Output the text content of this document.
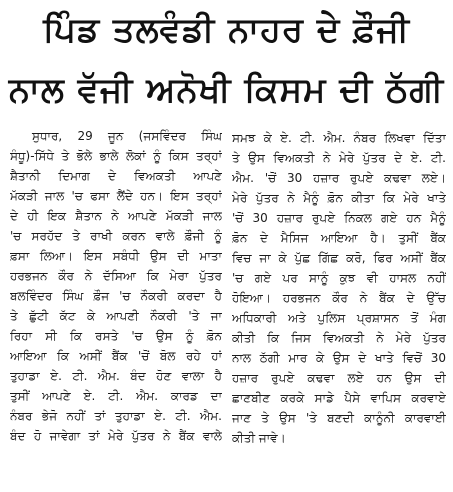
ਪਿੰਡ ਤਲਵੰਡੀ ਨਾਹਰ ਦੇ ਫ਼ੌਜੀ
ਨਾਲ ਵੱਜੀ ਅਨੋਖੀ ਕਿਸਮ ਦੀ ਠੱਗੀ
ਸੁਧਾਰ, 29 ਜੂਨ (ਜਸਵਿੰਦਰ ਸਿੰਘ
ਸੰਧੂ)-ਸਿੱਧੇ ਤੇ ਭੋਲੇ ਭਾਲੇ ਲੋਕਾਂ ਨੂੰ ਕਿਸ ਤਰ੍ਹਾਂ
ਸ਼ੈਤਾਨੀ ਦਿਮਾਗ ਦੇ ਵਿਅਕਤੀ ਆਪਣੇ
ਮੱਕੜੀ ਜਾਲ 'ਚ ਫਸਾ ਲੈਂਦੇ ਹਨ। ਇਸ ਤਰ੍ਹਾਂ
ਦੇ ਹੀ ਇਕ ਸ਼ੈਤਾਨ ਨੇ ਆਪਣੇ ਮੱਕੜੀ ਜਾਲ
'ਚ ਸਰਹੱਦ ਤੇ ਰਾਖੀ ਕਰਨ ਵਾਲੇ ਫ਼ੌਜੀ ਨੂੰ
ਫ਼ਸਾ ਲਿਆ। ਇਸ ਸਬੰਧੀ ਉਸ ਦੀ ਮਾਤਾ
ਹਰਭਜਨ ਕੌਰ ਨੇ ਦੱਸਿਆ ਕਿ ਮੇਰਾ ਪੁੱਤਰ
ਬਲਵਿੰਦਰ ਸਿੰਘ ਫ਼ੌਜ 'ਚ ਨੌਕਰੀ ਕਰਦਾ ਹੈ
ਤੇ ਛੁੱਟੀ ਕੱਟ ਕੇ ਆਪਣੀ ਨੌਕਰੀ 'ਤੇ ਜਾ
ਰਿਹਾ ਸੀ ਕਿ ਰਸਤੇ 'ਚ ਉਸ ਨੂੰ ਫ਼ੋਨ
ਆਇਆ ਕਿ ਅਸੀਂ ਬੈਂਕ 'ਚੋਂ ਬੋਲ ਰਹੇ ਹਾਂ
ਤੁਹਾਡਾ ਏ. ਟੀ. ਐਮ. ਬੰਦ ਹੋਣ ਵਾਲਾ ਹੈ
ਤੁਸੀਂ ਆਪਣੇ ਏ. ਟੀ. ਐਮ. ਕਾਰਡ ਦਾ
ਨੰਬਰ ਭੇਜੋ ਨਹੀਂ ਤਾਂ ਤੁਹਾਡਾ ਏ. ਟੀ. ਐਮ.
ਬੰਦ ਹੋ ਜਾਵੇਗਾ ਤਾਂ ਮੇਰੇ ਪੁੱਤਰ ਨੇ ਬੈਂਕ ਵਾਲੇ
ਸਮਝ ਕੇ ਏ. ਟੀ. ਐਮ. ਨੰਬਰ ਲਿਖਵਾ ਦਿੱਤਾ
ਤੇ ਉਸ ਵਿਅਕਤੀ ਨੇ ਮੇਰੇ ਪੁੱਤਰ ਦੇ ਏ. ਟੀ.
ਐਮ. 'ਚੋਂ 30 ਹਜ਼ਾਰ ਰੁਪਏ ਕਢਵਾ ਲਏ।
ਮੇਰੇ ਪੁੱਤਰ ਨੇ ਮੈਨੂੰ ਫ਼ੋਨ ਕੀਤਾ ਕਿ ਮੇਰੇ ਖਾਤੇ
'ਚੋਂ 30 ਹਜ਼ਾਰ ਰੁਪਏ ਨਿਕਲ ਗਏ ਹਨ ਮੈਨੂੰ
ਫ਼ੋਨ ਦੇ ਮੈਸਿਜ ਆਇਆ ਹੈ। ਤੁਸੀਂ ਬੈਂਕ
ਵਿਚ ਜਾ ਕੇ ਪੁੱਛ ਗਿੱਛ ਕਰੋ, ਫਿਰ ਅਸੀਂ ਬੈਂਕ
'ਚ ਗਏ ਪਰ ਸਾਨੂੰ ਕੁਝ ਵੀ ਹਾਸਲ ਨਹੀਂ
ਹੋਇਆ। ਹਰਭਜਨ ਕੌਰ ਨੇ ਬੈਂਕ ਦੇ ਉੱਚ
ਅਧਿਕਾਰੀ ਅਤੇ ਪੁਲਿਸ ਪ੍ਰਸ਼ਾਸਨ ਤੋਂ ਮੰਗ
ਕੀਤੀ ਕਿ ਜਿਸ ਵਿਅਕਤੀ ਨੇ ਮੇਰੇ ਪੁੱਤਰ
ਨਾਲ ਠੱਗੀ ਮਾਰ ਕੇ ਉਸ ਦੇ ਖਾਤੇ ਵਿਚੋਂ 30
ਹਜ਼ਾਰ ਰੁਪਏ ਕਢਵਾ ਲਏ ਹਨ ਉਸ ਦੀ
ਛਾਣਬੀਣ ਕਰਕੇ ਸਾਡੇ ਪੈਸੇ ਵਾਪਿਸ ਕਰਵਾਏ
ਜਾਣ ਤੇ ਉਸ 'ਤੇ ਬਣਦੀ ਕਾਨੂੰਨੀ ਕਾਰਵਾਈ
ਕੀਤੀ ਜਾਵੇ।
